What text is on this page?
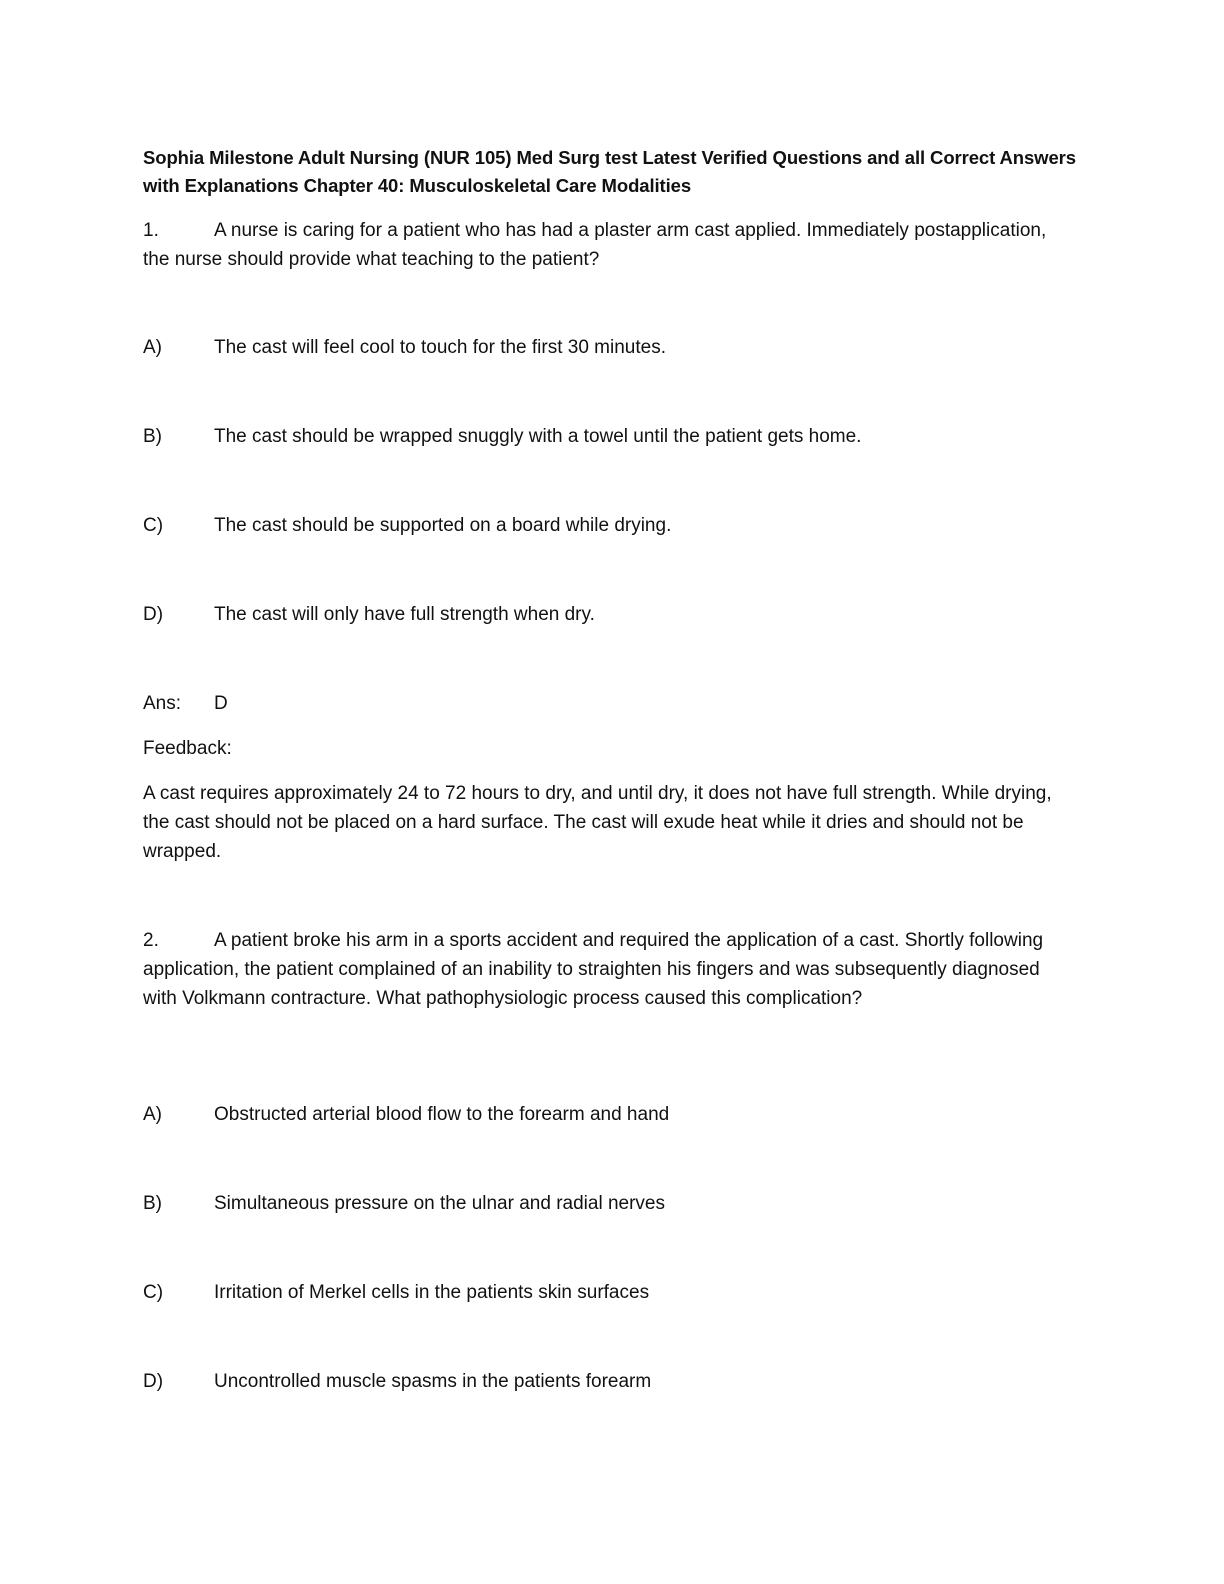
Sophia Milestone Adult Nursing (NUR 105) Med Surg test Latest Verified Questions and all Correct Answers with Explanations Chapter 40: Musculoskeletal Care Modalities
1.	A nurse is caring for a patient who has had a plaster arm cast applied. Immediately postapplication, the nurse should provide what teaching to the patient?
A)	The cast will feel cool to touch for the first 30 minutes.
B)	The cast should be wrapped snuggly with a towel until the patient gets home.
C)	The cast should be supported on a board while drying.
D)	The cast will only have full strength when dry.
Ans: D
Feedback:
A cast requires approximately 24 to 72 hours to dry, and until dry, it does not have full strength. While drying, the cast should not be placed on a hard surface. The cast will exude heat while it dries and should not be wrapped.
2.	A patient broke his arm in a sports accident and required the application of a cast. Shortly following application, the patient complained of an inability to straighten his fingers and was subsequently diagnosed with Volkmann contracture. What pathophysiologic process caused this complication?
A)	Obstructed arterial blood flow to the forearm and hand
B)	Simultaneous pressure on the ulnar and radial nerves
C)	Irritation of Merkel cells in the patients skin surfaces
D)	Uncontrolled muscle spasms in the patients forearm
